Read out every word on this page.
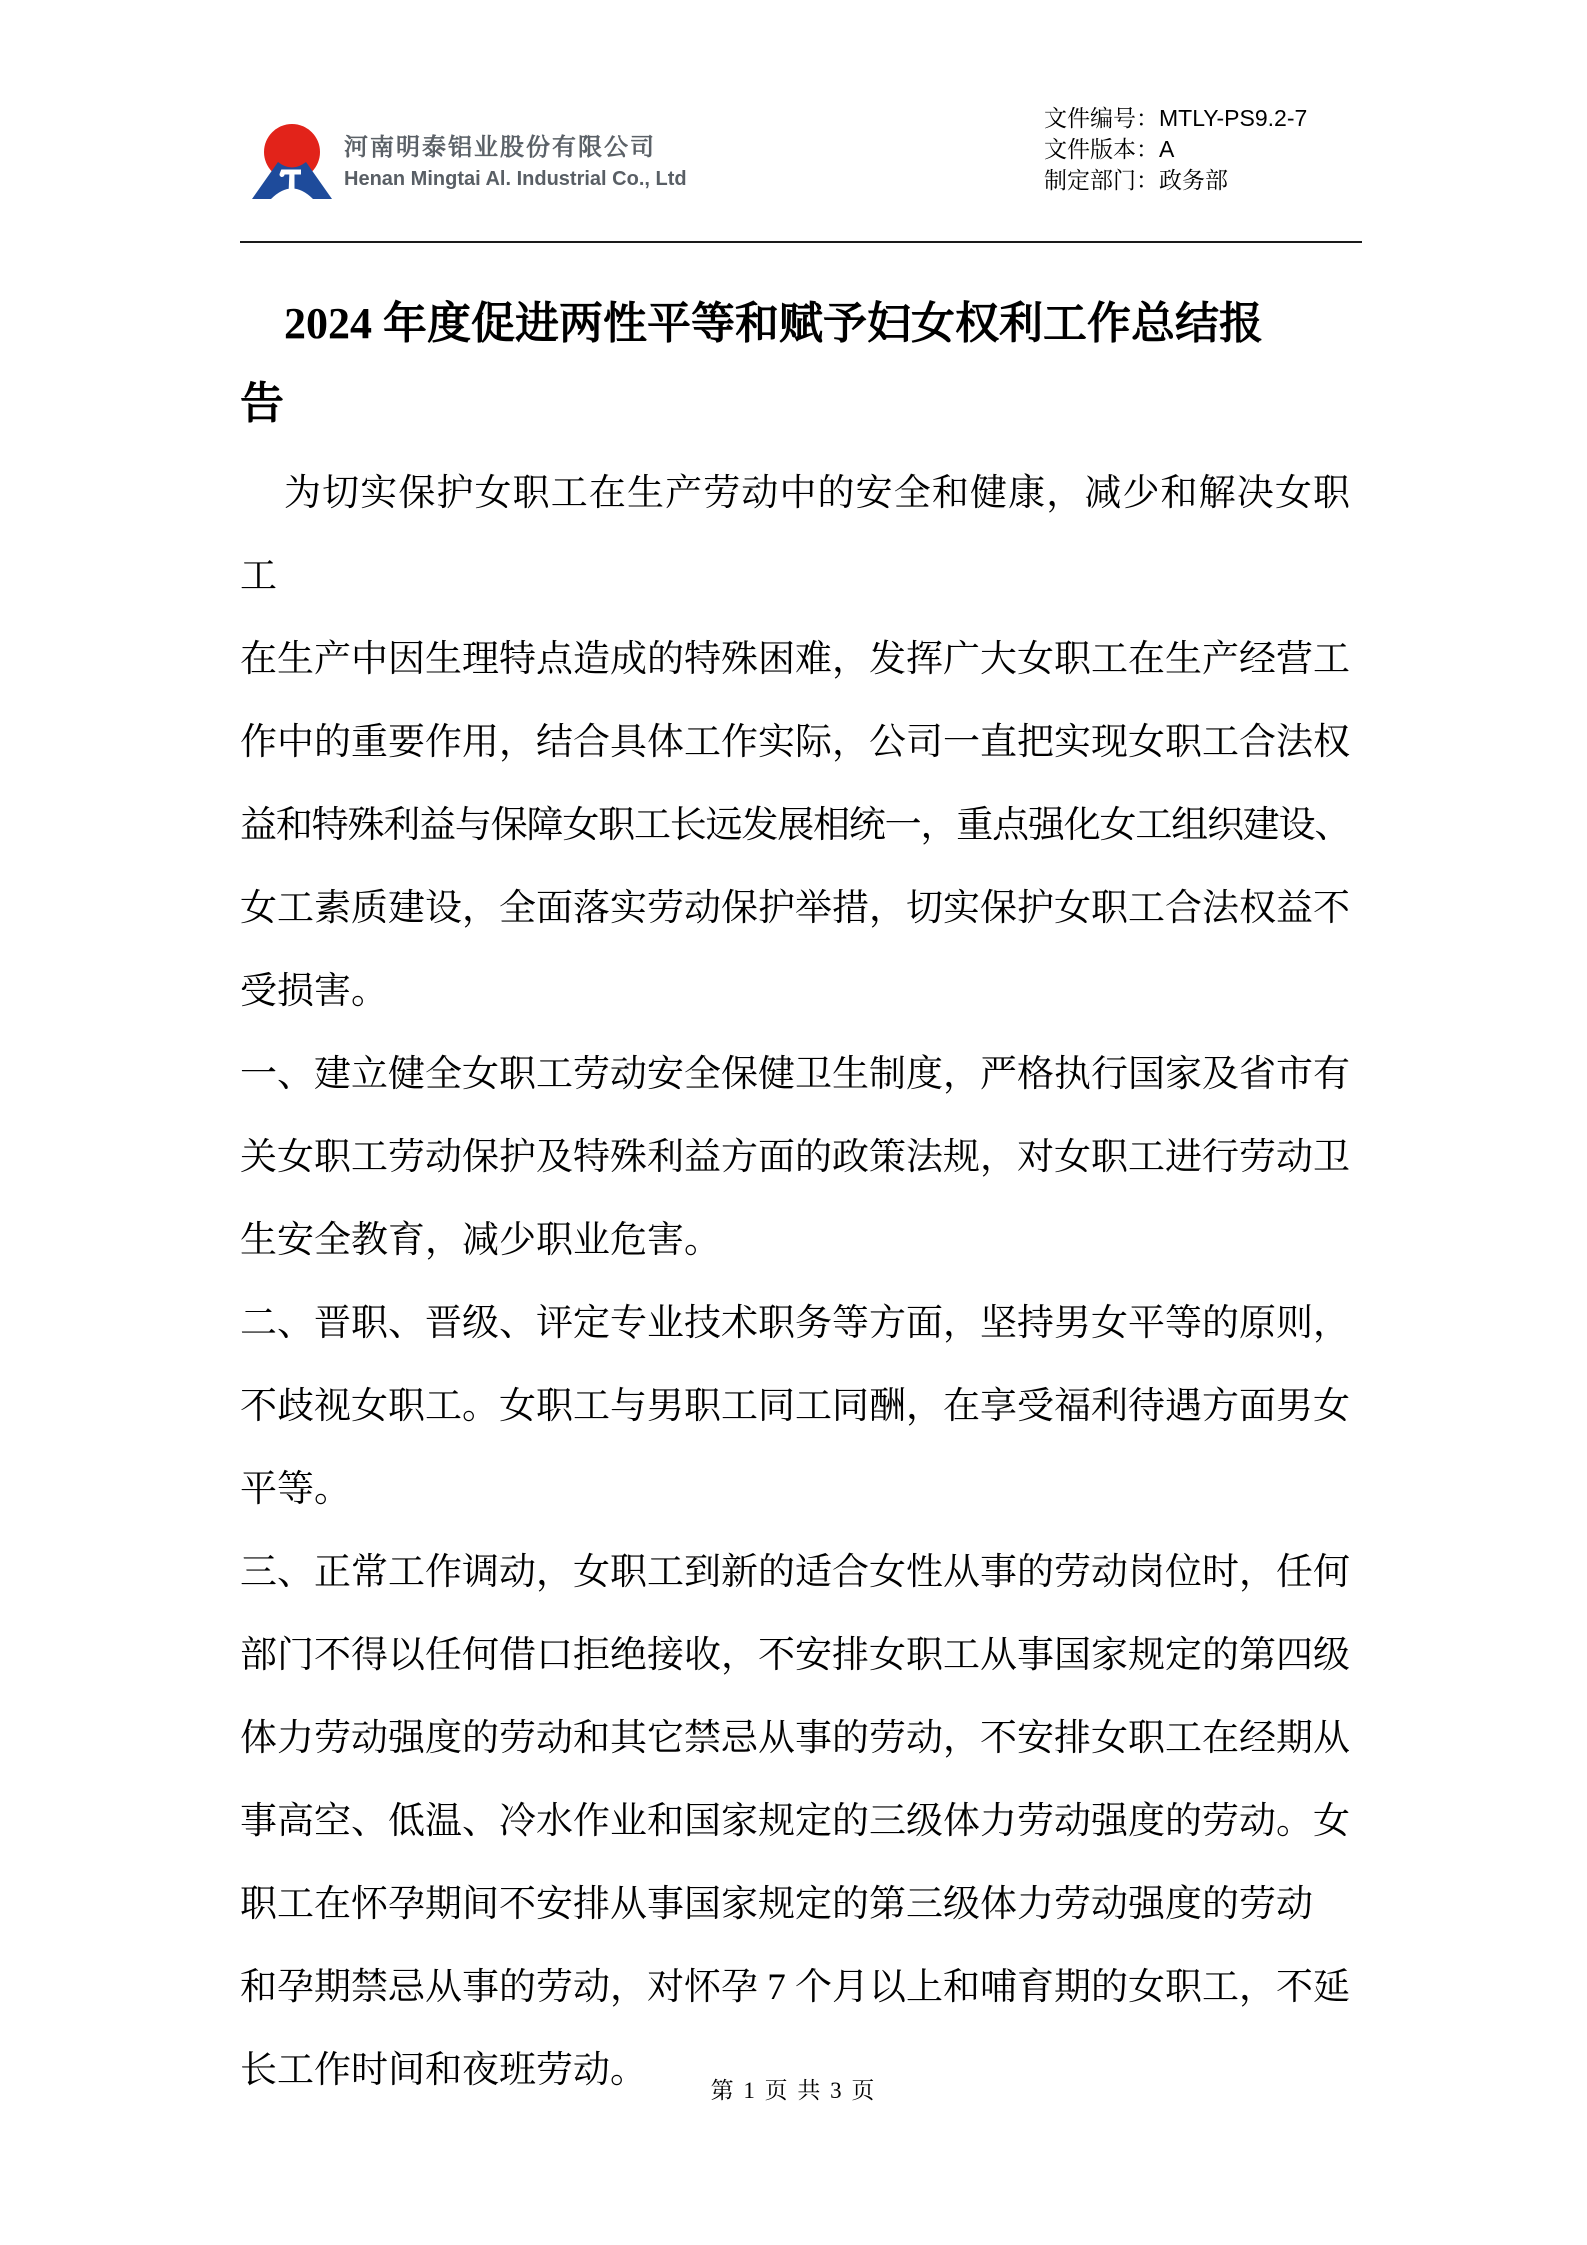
河南明泰铝业股份有限公司
Henan Mingtai Al. Industrial Co., Ltd
文件编号：MTLY-PS9.2-7
文件版本：A
制定部门：政务部
2024 年度促进两性平等和赋予妇女权利工作总结报
告
为切实保护女职工在生产劳动中的安全和健康，减少和解决女职工
在生产中因生理特点造成的特殊困难，发挥广大女职工在生产经营工
作中的重要作用，结合具体工作实际，公司一直把实现女职工合法权
益和特殊利益与保障女职工长远发展相统一，重点强化女工组织建设、
女工素质建设，全面落实劳动保护举措，切实保护女职工合法权益不
受损害。
一、建立健全女职工劳动安全保健卫生制度，严格执行国家及省市有
关女职工劳动保护及特殊利益方面的政策法规，对女职工进行劳动卫
生安全教育，减少职业危害。
二、晋职、晋级、评定专业技术职务等方面，坚持男女平等的原则，
不歧视女职工。女职工与男职工同工同酬，在享受福利待遇方面男女
平等。
三、正常工作调动，女职工到新的适合女性从事的劳动岗位时，任何
部门不得以任何借口拒绝接收，不安排女职工从事国家规定的第四级
体力劳动强度的劳动和其它禁忌从事的劳动，不安排女职工在经期从
事高空、低温、冷水作业和国家规定的三级体力劳动强度的劳动。女
职工在怀孕期间不安排从事国家规定的第三级体力劳动强度的劳动
和孕期禁忌从事的劳动，对怀孕 7 个月以上和哺育期的女职工，不延
长工作时间和夜班劳动。	第 1 页 共 3 页
